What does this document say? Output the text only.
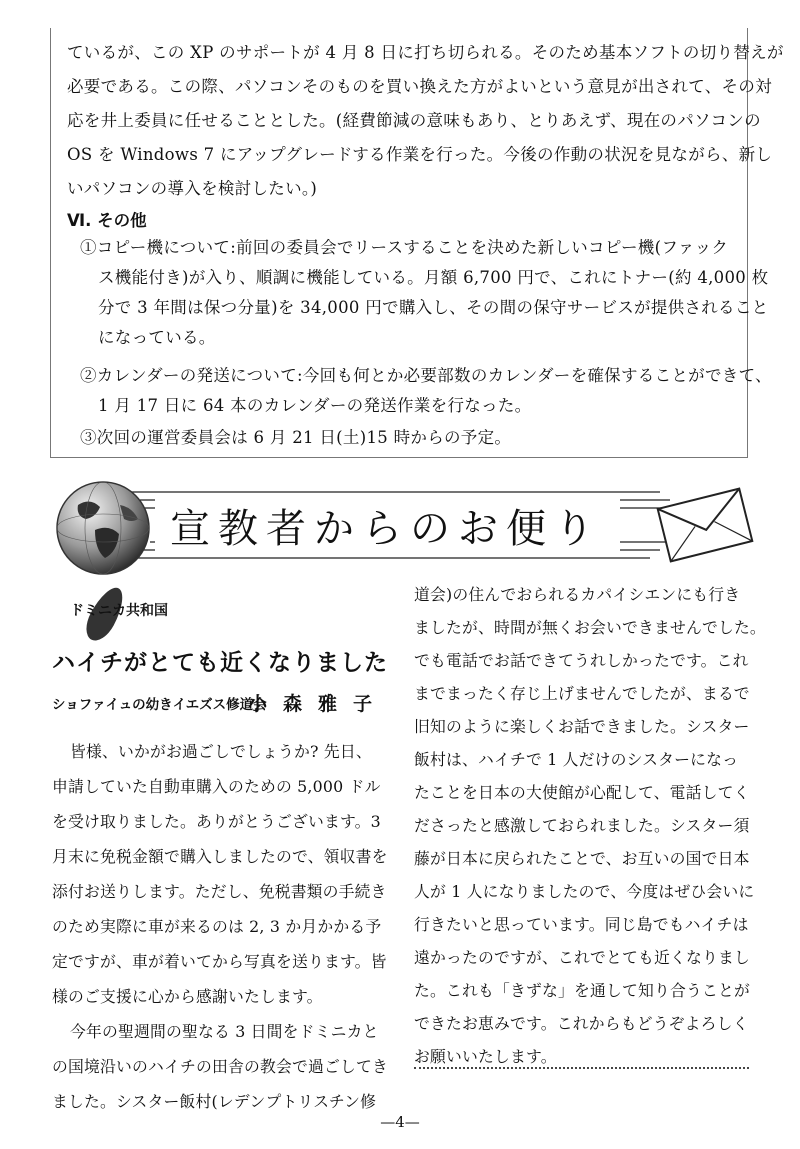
ているが、この XP のサポートが 4 月 8 日に打ち切られる。そのため基本ソフトの切り替えが
必要である。この際、パソコンそのものを買い換えた方がよいという意見が出されて、その対
応を井上委員に任せることとした。(経費節減の意味もあり、とりあえず、現在のパソコンの
OS を Windows 7 にアップグレードする作業を行った。今後の作動の状況を見ながら、新し
いパソコンの導入を検討したい。)
Ⅵ. その他
①コピー機について:前回の委員会でリースすることを決めた新しいコピー機(ファック
ス機能付き)が入り、順調に機能している。月額 6,700 円で、これにトナー(約 4,000 枚
分で 3 年間は保つ分量)を 34,000 円で購入し、その間の保守サービスが提供されること
になっている。
②カレンダーの発送について:今回も何とか必要部数のカレンダーを確保することができて、
1 月 17 日に 64 本のカレンダーの発送作業を行なった。
③次回の運営委員会は 6 月 21 日(土)15 時からの予定。
宣教者からのお便り
ドミニカ共和国
ハイチがとても近くなりました
ショファイュの幼きイエズス修道会
小森雅子
皆様、いかがお過ごしでしょうか? 先日、
申請していた自動車購入のための 5,000 ドル
を受け取りました。ありがとうございます。3
月末に免税金額で購入しましたので、領収書を
添付お送りします。ただし、免税書類の手続き
のため実際に車が来るのは 2, 3 か月かかる予
定ですが、車が着いてから写真を送ります。皆
様のご支援に心から感謝いたします。
今年の聖週間の聖なる 3 日間をドミニカと
の国境沿いのハイチの田舎の教会で過ごしてき
ました。シスター飯村(レデンプトリスチン修
道会)の住んでおられるカパイシエンにも行き
ましたが、時間が無くお会いできませんでした。
でも電話でお話できてうれしかったです。これ
までまったく存じ上げませんでしたが、まるで
旧知のように楽しくお話できました。シスター
飯村は、ハイチで 1 人だけのシスターになっ
たことを日本の大使館が心配して、電話してく
ださったと感激しておられました。シスター須
藤が日本に戻られたことで、お互いの国で日本
人が 1 人になりましたので、今度はぜひ会いに
行きたいと思っています。同じ島でもハイチは
遠かったのですが、これでとても近くなりまし
た。これも「きずな」を通して知り合うことが
できたお恵みです。これからもどうぞよろしく
お願いいたします。
—4—
